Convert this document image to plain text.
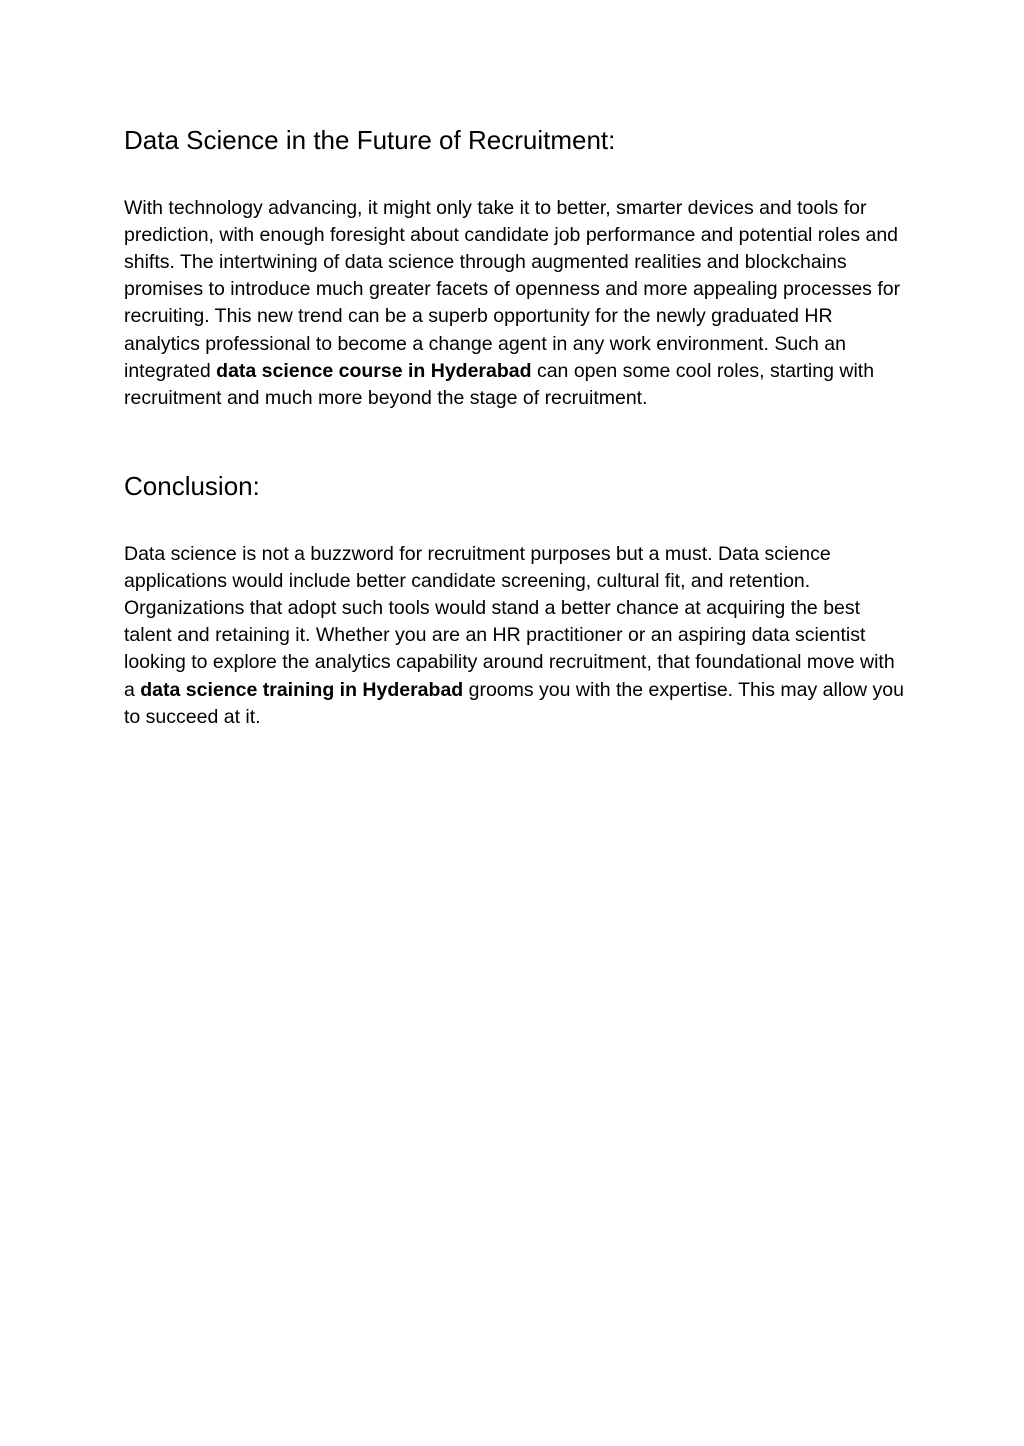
Data Science in the Future of Recruitment:

With technology advancing, it might only take it to better, smarter devices and tools for prediction, with enough foresight about candidate job performance and potential roles and shifts. The intertwining of data science through augmented realities and blockchains promises to introduce much greater facets of openness and more appealing processes for recruiting. This new trend can be a superb opportunity for the newly graduated HR analytics professional to become a change agent in any work environment. Such an integrated data science course in Hyderabad can open some cool roles, starting with recruitment and much more beyond the stage of recruitment.

Conclusion:

Data science is not a buzzword for recruitment purposes but a must. Data science applications would include better candidate screening, cultural fit, and retention. Organizations that adopt such tools would stand a better chance at acquiring the best talent and retaining it. Whether you are an HR practitioner or an aspiring data scientist looking to explore the analytics capability around recruitment, that foundational move with a data science training in Hyderabad grooms you with the expertise. This may allow you to succeed at it.
